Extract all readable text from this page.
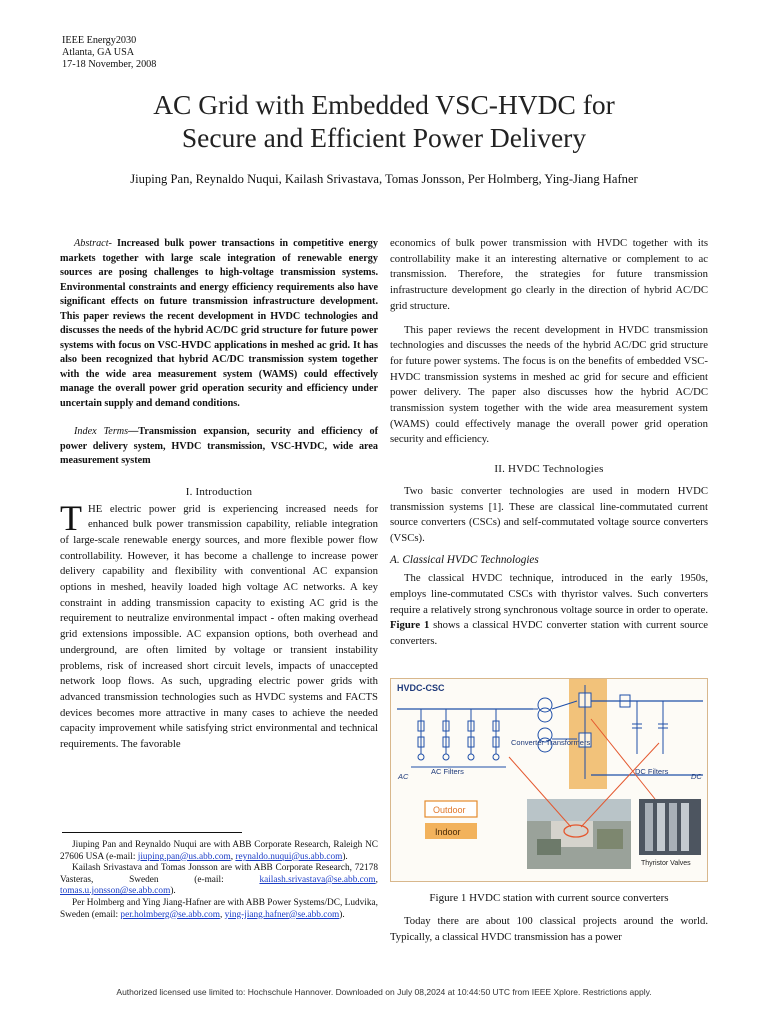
IEEE Energy2030
Atlanta, GA USA
17-18 November, 2008
AC Grid with Embedded VSC-HVDC for
Secure and Efficient Power Delivery
Jiuping Pan, Reynaldo Nuqui, Kailash Srivastava, Tomas Jonsson, Per Holmberg, Ying-Jiang Hafner
Abstract- Increased bulk power transactions in competitive energy markets together with large scale integration of renewable energy sources are posing challenges to high-voltage transmission systems. Environmental constraints and energy efficiency requirements also have significant effects on future transmission infrastructure development. This paper reviews the recent development in HVDC technologies and discusses the needs of the hybrid AC/DC grid structure for future power systems with focus on VSC-HVDC applications in meshed ac grid. It has also been recognized that hybrid AC/DC transmission system together with the wide area measurement system (WAMS) could effectively manage the overall power grid operation security and efficiency under uncertain supply and demand conditions.
Index Terms—Transmission expansion, security and efficiency of power delivery system, HVDC transmission, VSC-HVDC, wide area measurement system
I. Introduction
THE electric power grid is experiencing increased needs for enhanced bulk power transmission capability, reliable integration of large-scale renewable energy sources, and more flexible power flow controllability. However, it has become a challenge to increase power delivery capability and flexibility with conventional AC expansion options in meshed, heavily loaded high voltage AC networks. A key constraint in adding transmission capacity to existing AC grid is the requirement to neutralize environmental impact - often making overhead grid extensions impossible. AC expansion options, both overhead and underground, are often limited by voltage or transient instability problems, risk of increased short circuit levels, impacts of unaccepted network loop flows. As such, upgrading electric power grids with advanced transmission technologies such as HVDC systems and FACTS devices becomes more attractive in many cases to achieve the needed capacity improvement while satisfying strict environmental and technical requirements. The favorable
Jiuping Pan and Reynaldo Nuqui are with ABB Corporate Research, Raleigh NC 27606 USA (e-mail: jiuping.pan@us.abb.com, reynaldo.nuqui@us.abb.com).
Kailash Srivastava and Tomas Jonsson are with ABB Corporate Research, 72178 Vasteras, Sweden (e-mail: kailash.srivastava@se.abb.com, tomas.u.jonsson@se.abb.com).
Per Holmberg and Ying Jiang-Hafner are with ABB Power Systems/DC, Ludvika, Sweden (email: per.holmberg@se.abb.com, ying-jiang.hafner@se.abb.com).

economics of bulk power transmission with HVDC together with its controllability make it an interesting alternative or complement to ac transmission. Therefore, the strategies for future transmission infrastructure development go clearly in the direction of hybrid AC/DC grid structure.

This paper reviews the recent development in HVDC transmission technologies and discusses the needs of the hybrid AC/DC grid structure for future power systems. The focus is on the benefits of embedded VSC-HVDC transmission systems in meshed ac grid for secure and efficient power delivery. The paper also discusses how the hybrid AC/DC transmission system together with the wide area measurement system (WAMS) could effectively manage the overall power grid operation security and efficiency.

II. HVDC Technologies

Two basic converter technologies are used in modern HVDC transmission systems [1]. These are classical line-commutated current source converters (CSCs) and self-commutated voltage source converters (VSCs).

A. Classical HVDC Technologies

The classical HVDC technique, introduced in the early 1950s, employs line-commutated CSCs with thyristor valves. Such converters require a relatively strong synchronous voltage source in order to operate. Figure 1 shows a classical HVDC converter station with current source converters.

HVDC-CSC
Converter Transformers
AC Filters	DC Filters
AC	DC
Outdoor
Indoor
Thyristor Valves
Figure 1 HVDC station with current source converters

Today there are about 100 classical projects around the world. Typically, a classical HVDC transmission has a power

Authorized licensed use limited to: Hochschule Hannover. Downloaded on July 08,2024 at 10:44:50 UTC from IEEE Xplore. Restrictions apply.
